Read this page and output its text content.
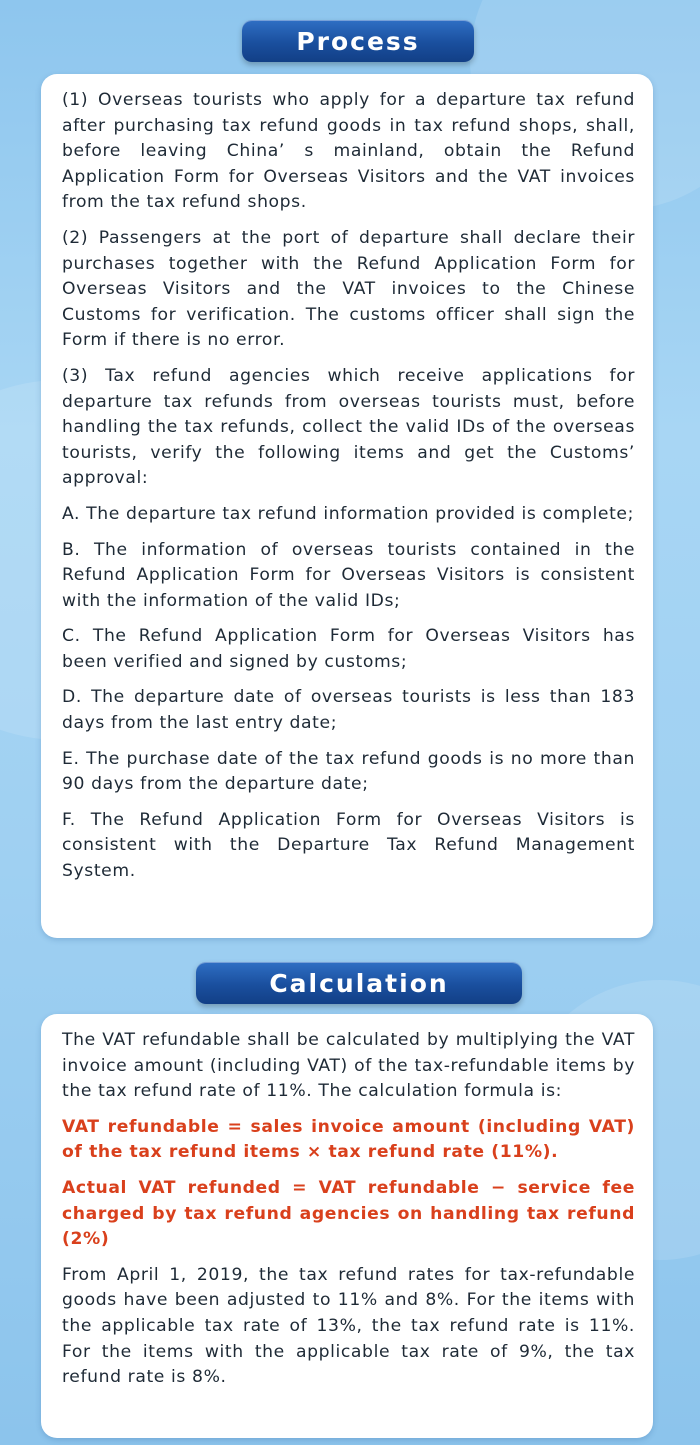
Process

(1) Overseas tourists who apply for a departure tax refund after purchasing tax refund goods in tax refund shops, shall, before leaving China’ s mainland, obtain the Refund Application Form for Overseas Visitors and the VAT invoices from the tax refund shops.

(2) Passengers at the port of departure shall declare their purchases together with the Refund Application Form for Overseas Visitors and the VAT invoices to the Chinese Customs for verification. The customs officer shall sign the Form if there is no error.

(3) Tax refund agencies which receive applications for departure tax refunds from overseas tourists must, before handling the tax refunds, collect the valid IDs of the overseas tourists, verify the following items and get the Customs’ approval:

A. The departure tax refund information provided is complete;

B. The information of overseas tourists contained in the Refund Application Form for Overseas Visitors is consistent with the information of the valid IDs;

C. The Refund Application Form for Overseas Visitors has been verified and signed by customs;

D. The departure date of overseas tourists is less than 183 days from the last entry date;

E. The purchase date of the tax refund goods is no more than 90 days from the departure date;

F. The Refund Application Form for Overseas Visitors is consistent with the Departure Tax Refund Management System.

Calculation

The VAT refundable shall be calculated by multiplying the VAT invoice amount (including VAT) of the tax-refundable items by the tax refund rate of 11%. The calculation formula is:

VAT refundable = sales invoice amount (including VAT) of the tax refund items × tax refund rate (11%).

Actual VAT refunded = VAT refundable − service fee charged by tax refund agencies on handling tax refund (2%)

From April 1, 2019, the tax refund rates for tax-refundable goods have been adjusted to 11% and 8%. For the items with the applicable tax rate of 13%, the tax refund rate is 11%. For the items with the applicable tax rate of 9%, the tax refund rate is 8%.
